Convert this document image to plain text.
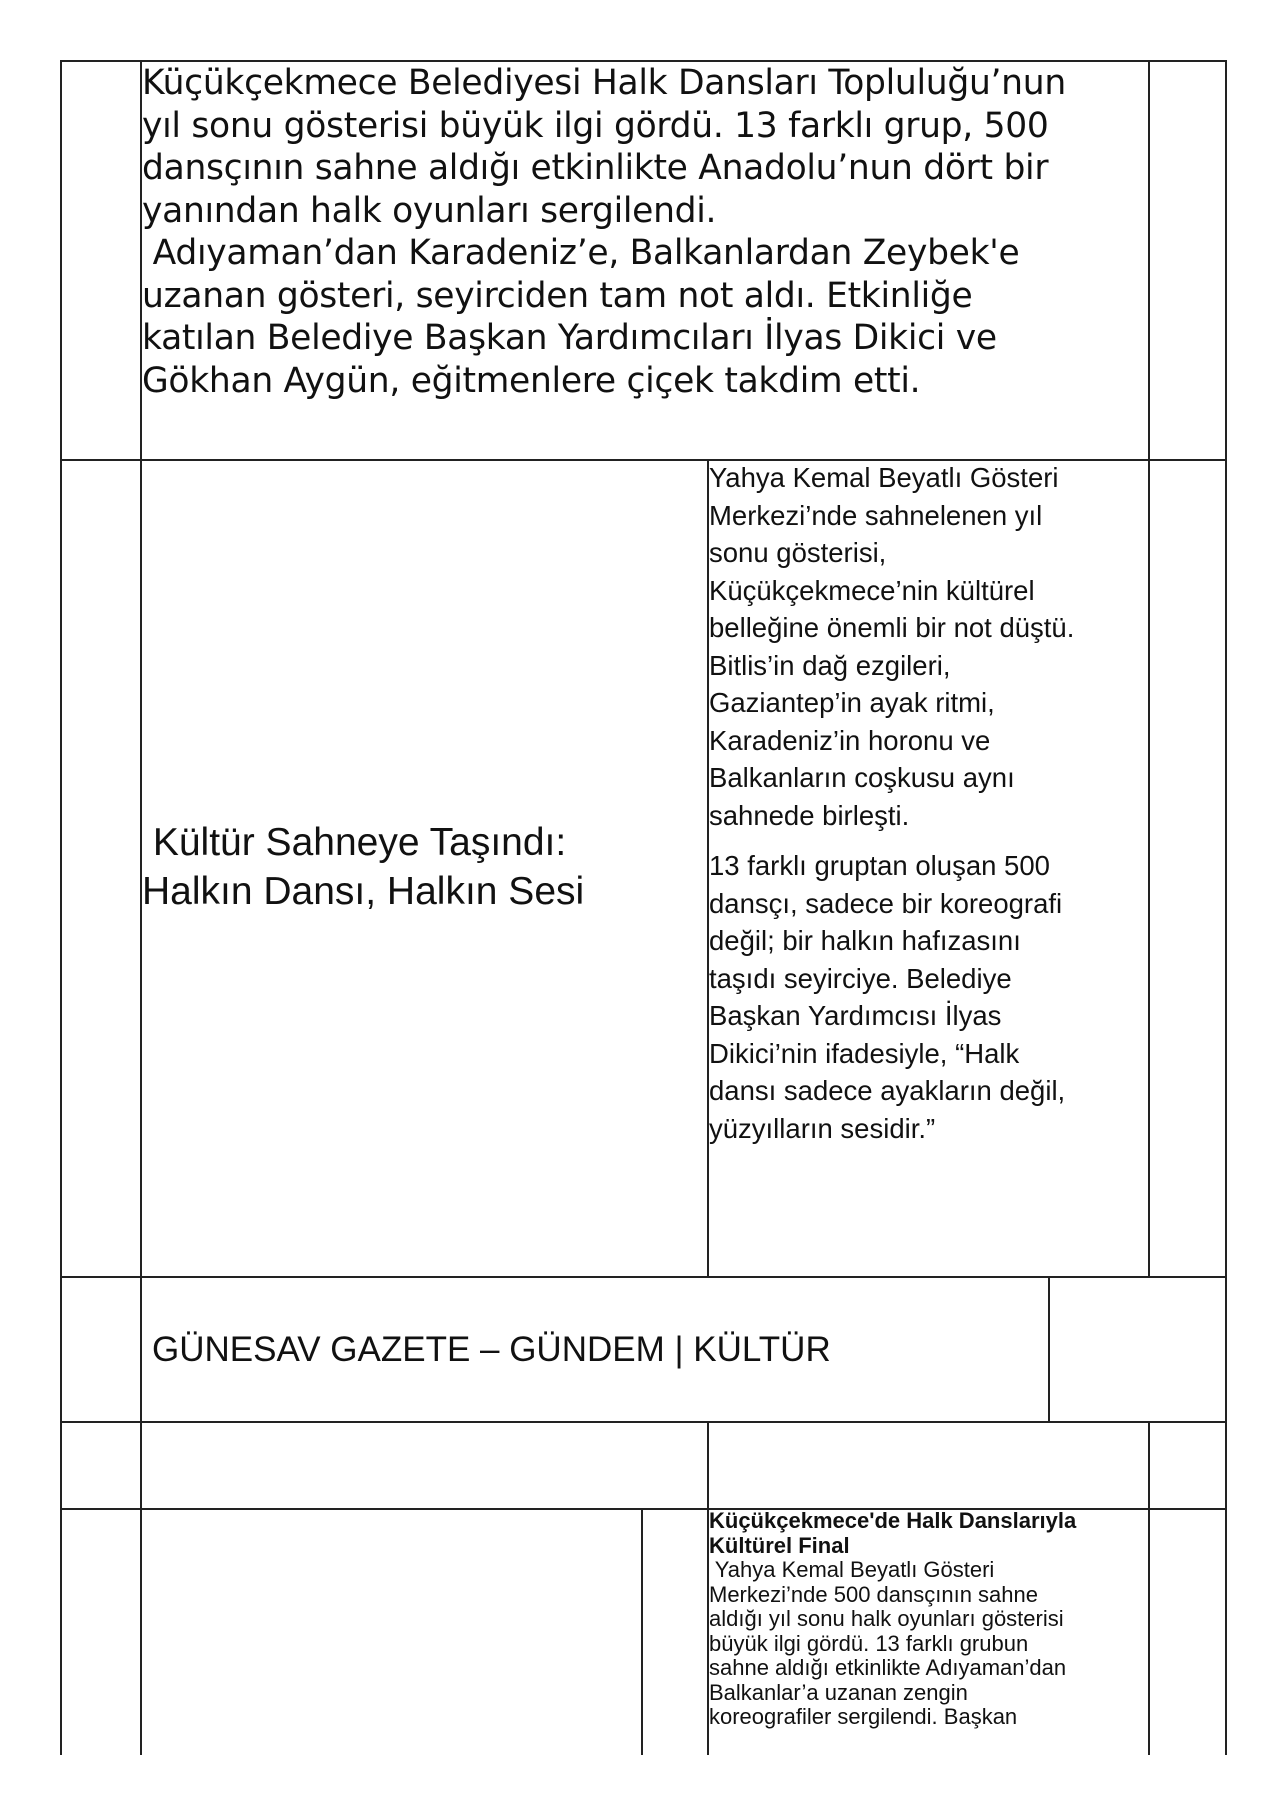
Küçükçekmece Belediyesi Halk Dansları Topluluğu’nun

yıl sonu gösterisi büyük ilgi gördü. 13 farklı grup, 500

dansçının sahne aldığı etkinlikte Anadolu’nun dört bir

yanından halk oyunları sergilendi.

Adıyaman’dan Karadeniz’e, Balkanlardan Zeybek'e

uzanan gösteri, seyirciden tam not aldı. Etkinliğe

katılan Belediye Başkan Yardımcıları İlyas Dikici ve

Gökhan Aygün, eğitmenlere çiçek takdim etti.

Kültür Sahneye Taşındı:

Halkın Dansı, Halkın Sesi

Yahya Kemal Beyatlı Gösteri

Merkezi’nde sahnelenen yıl

sonu gösterisi,

Küçükçekmece’nin kültürel

belleğine önemli bir not düştü.

Bitlis’in dağ ezgileri,

Gaziantep’in ayak ritmi,

Karadeniz’in horonu ve

Balkanların coşkusu aynı

sahnede birleşti.

13 farklı gruptan oluşan 500

dansçı, sadece bir koreografi

değil; bir halkın hafızasını

taşıdı seyirciye. Belediye

Başkan Yardımcısı İlyas

Dikici’nin ifadesiyle, “Halk

dansı sadece ayakların değil,

yüzyılların sesidir.”

GÜNESAV GAZETE – GÜNDEM | KÜLTÜR

Küçükçekmece'de Halk Danslarıyla

Kültürel Final

Yahya Kemal Beyatlı Gösteri

Merkezi’nde 500 dansçının sahne

aldığı yıl sonu halk oyunları gösterisi

büyük ilgi gördü. 13 farklı grubun

sahne aldığı etkinlikte Adıyaman’dan

Balkanlar’a uzanan zengin

koreografiler sergilendi. Başkan
